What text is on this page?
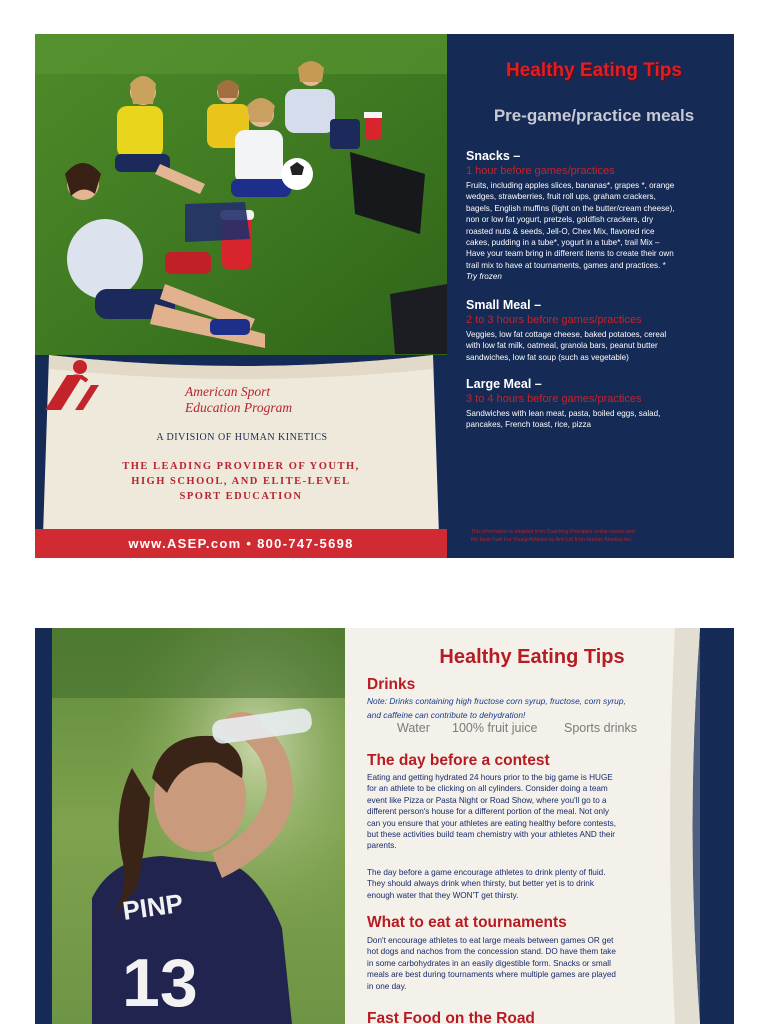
American Sport
Education Program
A DIVISION OF HUMAN KINETICS
THE LEADING PROVIDER OF YOUTH,
HIGH SCHOOL, AND ELITE-LEVEL
SPORT EDUCATION
www.ASEP.com • 800-747-5698
Healthy Eating Tips
Pre-game/practice meals
Snacks –
1 hour before games/practices
Fruits, including apples slices, bananas*, grapes *, orange
wedges, strawberries, fruit roll ups, graham crackers,
bagels, English muffins (light on the butter/cream cheese),
non or low fat yogurt, pretzels, goldfish crackers, dry
roasted nuts & seeds, Jell-O, Chex Mix, flavored rice
cakes, pudding in a tube*, yogurt in a tube*, trail Mix –
Have your team bring in different items to create their own
trail mix to have at tournaments, games and practices. *
Try frozen
Small Meal –
2 to 3 hours before games/practices
Veggies, low fat cottage cheese, baked potatoes, cereal
with low fat milk, oatmeal, granola bars, peanut butter
sandwiches, low fat soup (such as vegetable)
Large Meal –
3 to 4 hours before games/practices
Sandwiches with lean meat, pasta, boiled eggs, salad,
pancakes, French toast, rice, pizza
This information is adapted from Coaching Principles online course and
the book Fuel For Young Athletes by Ann Litt from Human Kinetics Inc.
PINP
13
Healthy Eating Tips
Drinks
Note: Drinks containing high fructose corn syrup, fructose, corn syrup,
and caffeine can contribute to dehydration!
Water 100% fruit juice Sports drinks
The day before a contest
Eating and getting hydrated 24 hours prior to the big game is HUGE
for an athlete to be clicking on all cylinders. Consider doing a team
event like Pizza or Pasta Night or Road Show, where you'll go to a
different person's house for a different portion of the meal. Not only
can you ensure that your athletes are eating healthy before contests,
but these activities build team chemistry with your athletes AND their
parents.
The day before a game encourage athletes to drink plenty of fluid.
They should always drink when thirsty, but better yet is to drink
enough water that they WON'T get thirsty.
What to eat at tournaments
Don't encourage athletes to eat large meals between games OR get
hot dogs and nachos from the concession stand. DO have them take
in some carbohydrates in an easily digestible form. Snacks or small
meals are best during tournaments where multiple games are played
in one day.
Fast Food on the Road
